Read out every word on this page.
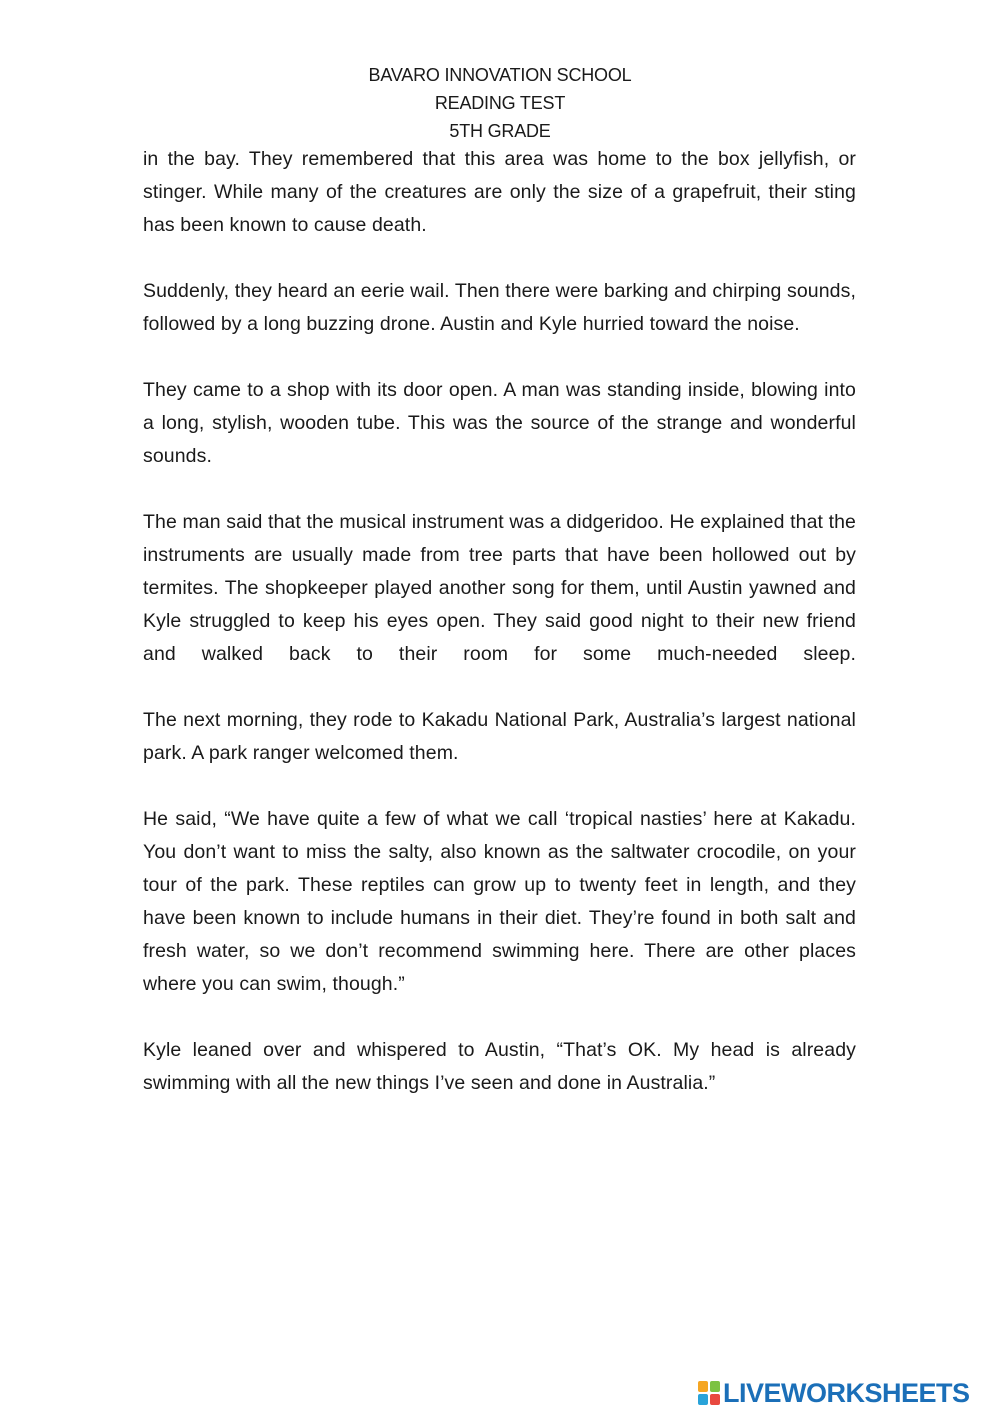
BAVARO INNOVATION SCHOOL
READING TEST
5TH GRADE

in the bay. They remembered that this area was home to the box jellyfish, or stinger. While many of the creatures are only the size of a grapefruit, their sting has been known to cause death.

Suddenly, they heard an eerie wail. Then there were barking and chirping sounds, followed by a long buzzing drone. Austin and Kyle hurried toward the noise.

They came to a shop with its door open. A man was standing inside, blowing into a long, stylish, wooden tube. This was the source of the strange and wonderful sounds.

The man said that the musical instrument was a didgeridoo. He explained that the instruments are usually made from tree parts that have been hollowed out by termites. The shopkeeper played another song for them, until Austin yawned and Kyle struggled to keep his eyes open. They said good night to their new friend and walked back to their room for some much-needed sleep.

The next morning, they rode to Kakadu National Park, Australia’s largest national park. A park ranger welcomed them.

He said, “We have quite a few of what we call ‘tropical nasties’ here at Kakadu. You don’t want to miss the salty, also known as the saltwater crocodile, on your tour of the park. These reptiles can grow up to twenty feet in length, and they have been known to include humans in their diet. They’re found in both salt and fresh water, so we don’t recommend swimming here. There are other places where you can swim, though.”

Kyle leaned over and whispered to Austin, “That’s OK. My head is already swimming with all the new things I’ve seen and done in Australia.”

LIVEWORKSHEETS
